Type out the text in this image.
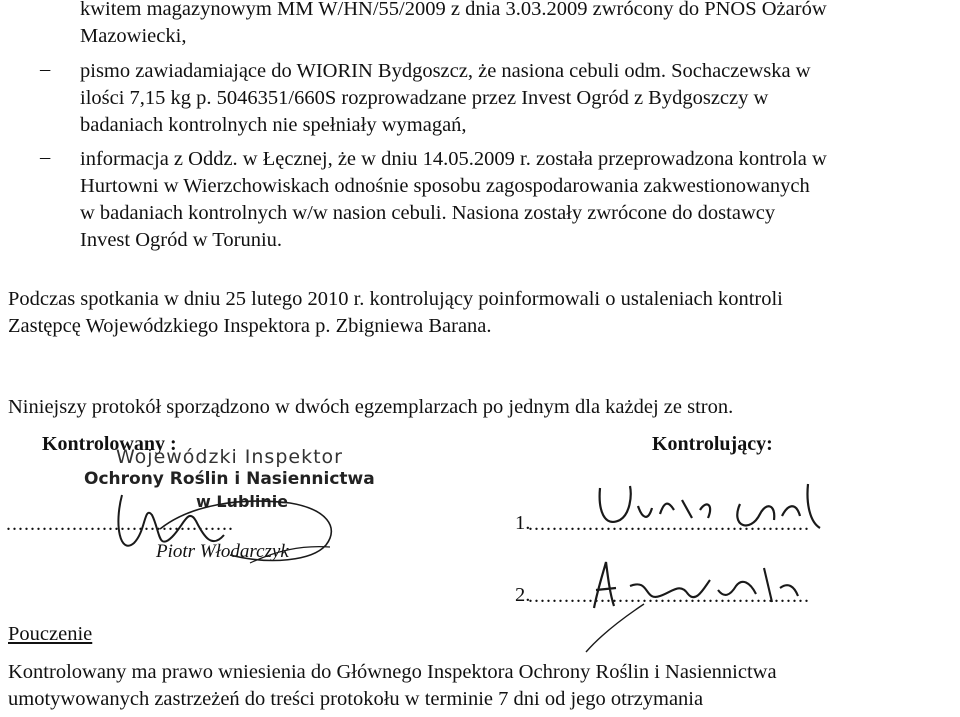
kwitem magazynowym MM W/HN/55/2009 z dnia 3.03.2009 zwrócony do PNOS Ożarów
Mazowiecki,
– pismo zawiadamiające do WIORIN Bydgoszcz, że nasiona cebuli odm. Sochaczewska w
ilości 7,15 kg p. 5046351/660S rozprowadzane przez Invest Ogród z Bydgoszczy w
badaniach kontrolnych nie spełniały wymagań,
– informacja z Oddz. w Łęcznej, że w dniu 14.05.2009 r. została przeprowadzona kontrola w
Hurtowni w Wierzchowiskach odnośnie sposobu zagospodarowania zakwestionowanych
w badaniach kontrolnych w/w nasion cebuli. Nasiona zostały zwrócone do dostawcy
Invest Ogród w Toruniu.
Podczas spotkania w dniu 25 lutego 2010 r. kontrolujący poinformowali o ustaleniach kontroli
Zastępcę Wojewódzkiego Inspektora p. Zbigniewa Barana.
Niniejszy protokół sporządzono w dwóch egzemplarzach po jednym dla każdej ze stron.
Kontrolowany :	Kontrolujący:
Wojewódzki Inspektor
Ochrony Roślin i Nasiennictwa
w Lublinie
Piotr Włodarczyk
......................................	1.
...............................................
2.
...............................................
Pouczenie
Kontrolowany ma prawo wniesienia do Głównego Inspektora Ochrony Roślin i Nasiennictwa
umotywowanych zastrzeżeń do treści protokołu w terminie 7 dni od jego otrzymania
